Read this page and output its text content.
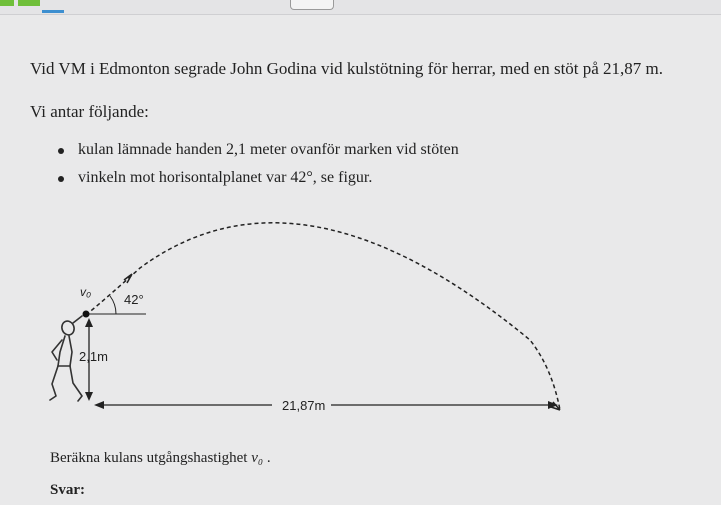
Vid VM i Edmonton segrade John Godina vid kulstötning för herrar, med en stöt på 21,87 m.
Vi antar följande:
kulan lämnade handen 2,1 meter ovanför marken vid stöten
vinkeln mot horisontalplanet var 42°, se figur.
v₀	42°
2,1m
21,87m
Beräkna kulans utgångshastighet v₀ .
Svar:
